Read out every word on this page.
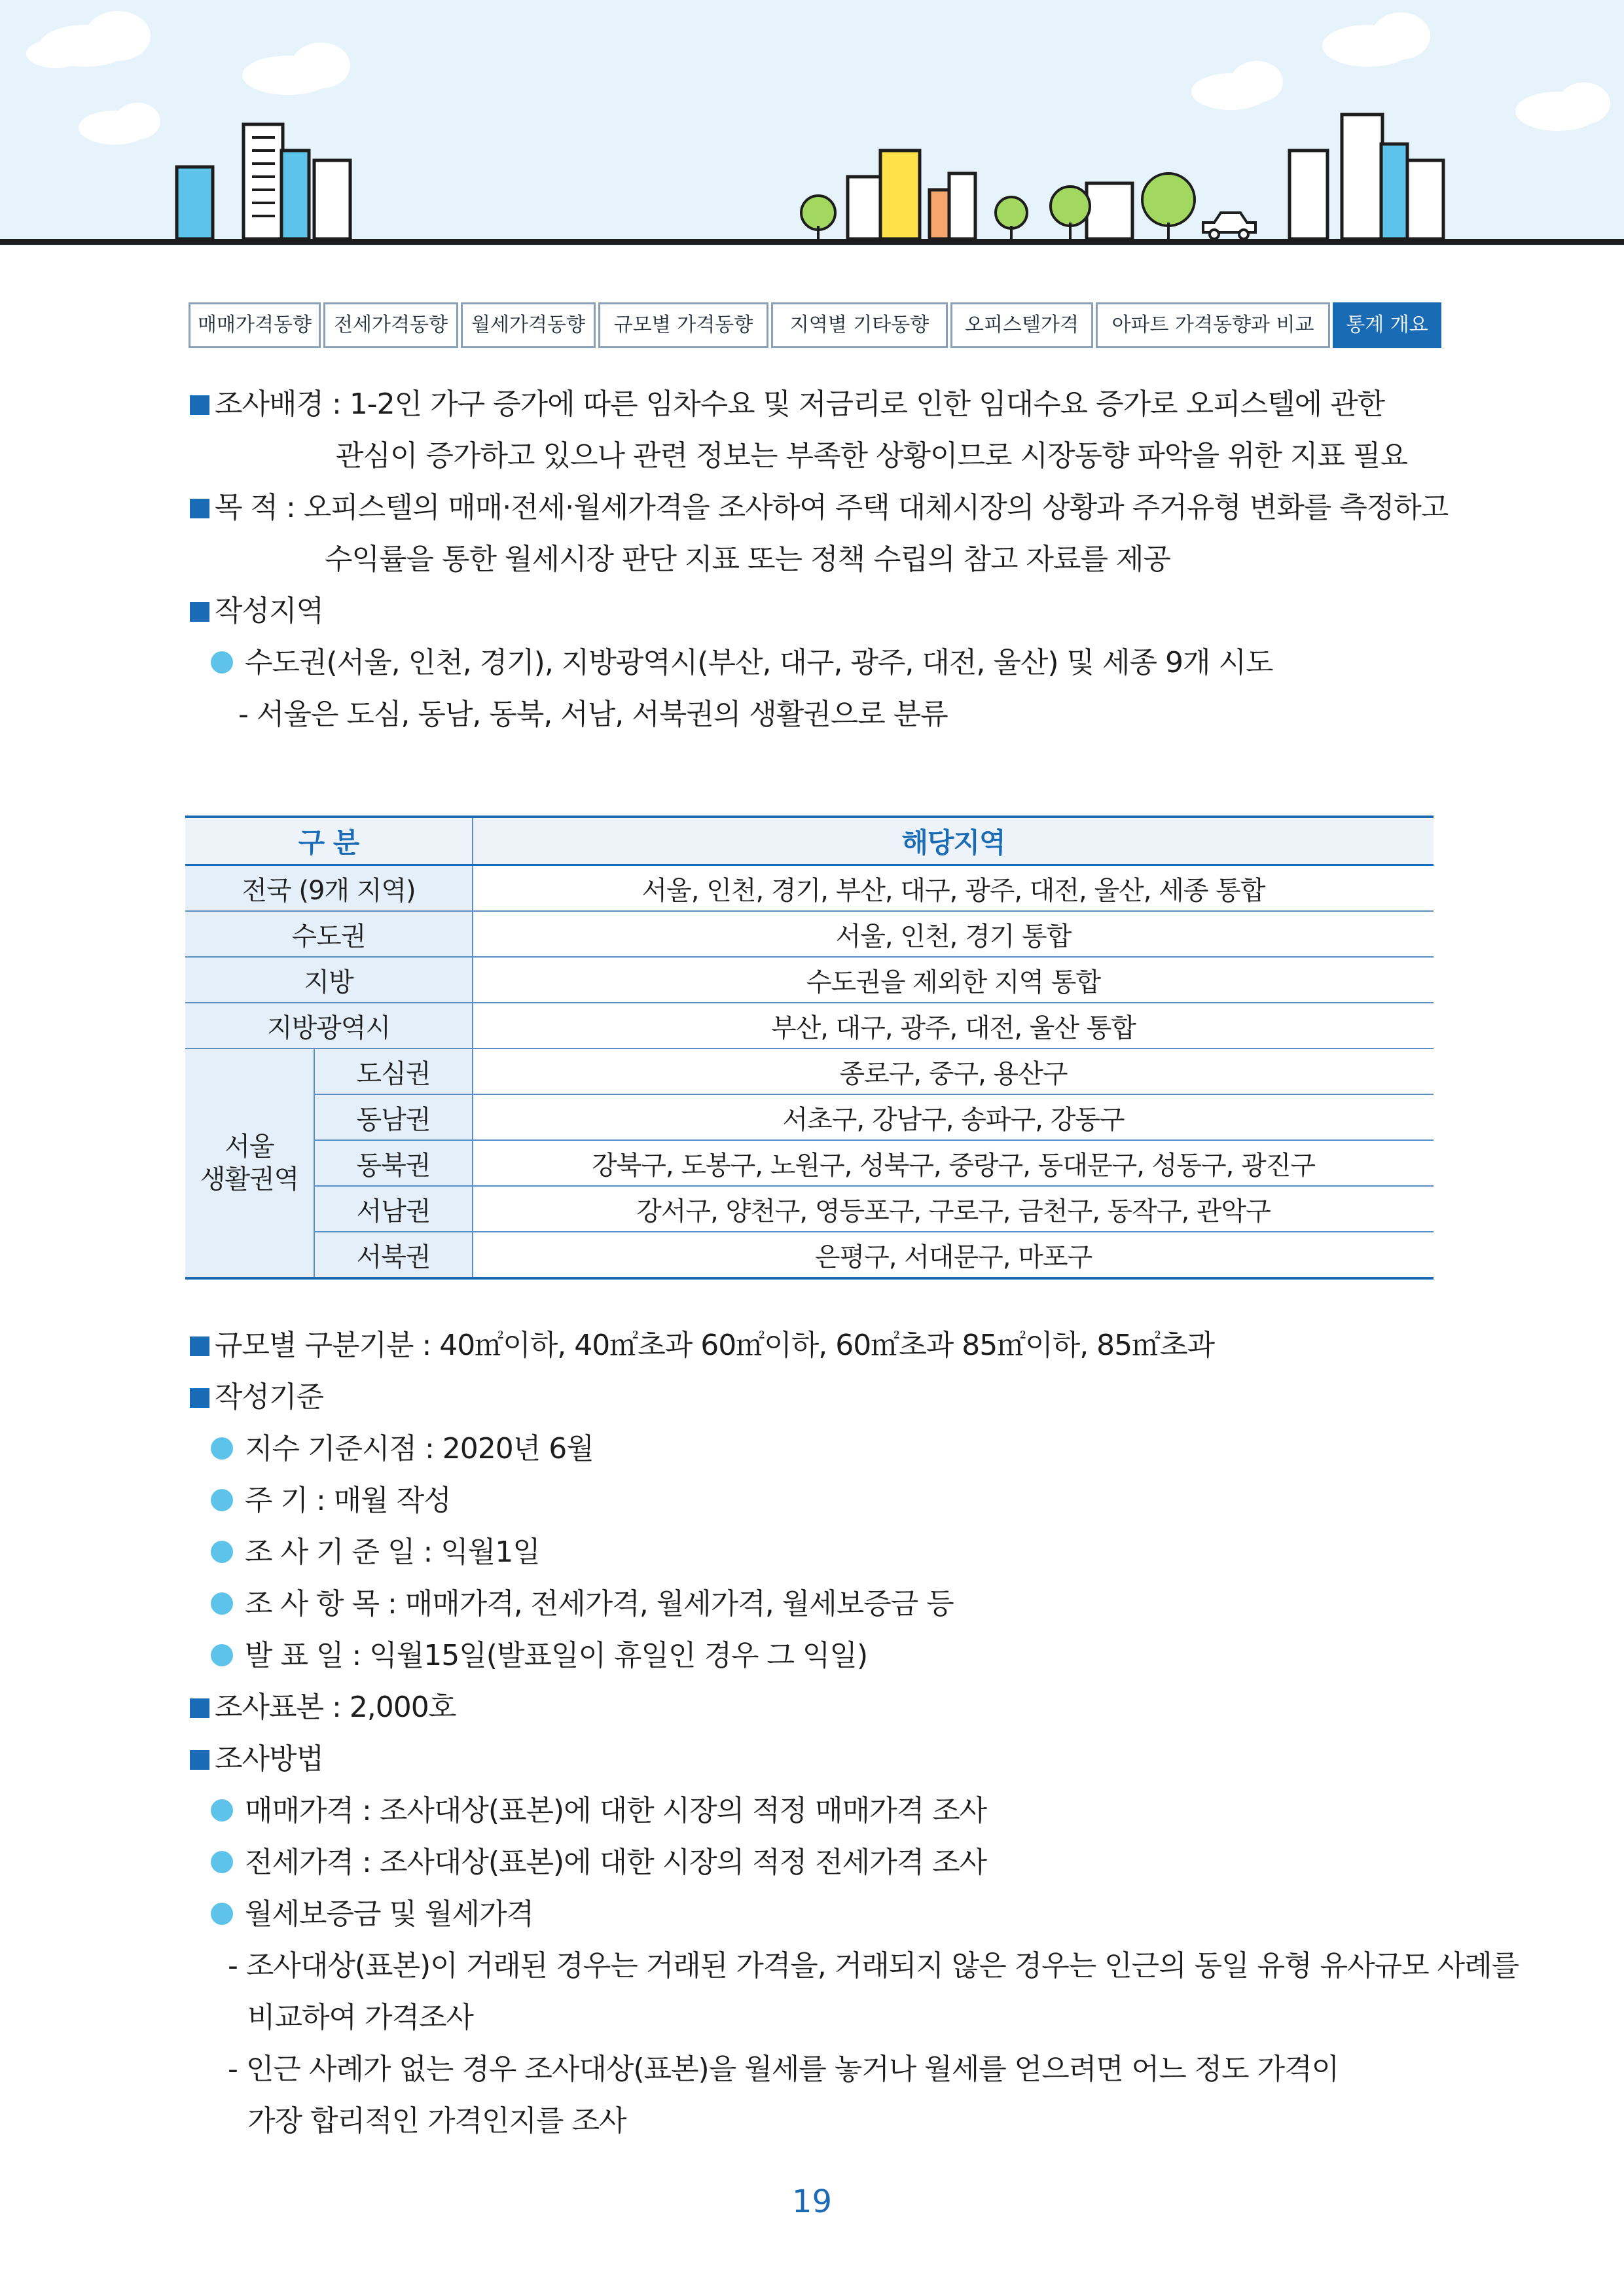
매매가격동향	전세가격동향	월세가격동향	규모별 가격동향	지역별 기타동향	오피스텔가격	아파트 가격동향과 비교	통계 개요
조사배경 : 1-2인 가구 증가에 따른 임차수요 및 저금리로 인한 임대수요 증가로 오피스텔에 관한
관심이 증가하고 있으나 관련 정보는 부족한 상황이므로 시장동향 파악을 위한 지표 필요
목 적 : 오피스텔의 매매·전세·월세가격을 조사하여 주택 대체시장의 상황과 주거유형 변화를 측정하고
수익률을 통한 월세시장 판단 지표 또는 정책 수립의 참고 자료를 제공
작성지역
수도권(서울, 인천, 경기), 지방광역시(부산, 대구, 광주, 대전, 울산) 및 세종 9개 시도
- 서울은 도심, 동남, 동북, 서남, 서북권의 생활권으로 분류
구 분		해당지역
전국 (9개 지역)		서울, 인천, 경기, 부산, 대구, 광주, 대전, 울산, 세종 통합
수도권		서울, 인천, 경기 통합
지방		수도권을 제외한 지역 통합
지방광역시		부산, 대구, 광주, 대전, 울산 통합
서울
생활권역	도심권	종로구, 중구, 용산구
	동남권	서초구, 강남구, 송파구, 강동구
	동북권	강북구, 도봉구, 노원구, 성북구, 중랑구, 동대문구, 성동구, 광진구
	서남권	강서구, 양천구, 영등포구, 구로구, 금천구, 동작구, 관악구
	서북권	은평구, 서대문구, 마포구
규모별 구분기분 : 40㎡이하, 40㎡초과 60㎡이하, 60㎡초과 85㎡이하, 85㎡초과
작성기준
지수 기준시점 : 2020년 6월
주 기 : 매월 작성
조 사 기 준 일 : 익월1일
조 사 항 목 : 매매가격, 전세가격, 월세가격, 월세보증금 등
발 표 일 : 익월15일(발표일이 휴일인 경우 그 익일)
조사표본 : 2,000호
조사방법
매매가격 : 조사대상(표본)에 대한 시장의 적정 매매가격 조사
전세가격 : 조사대상(표본)에 대한 시장의 적정 전세가격 조사
월세보증금 및 월세가격
- 조사대상(표본)이 거래된 경우는 거래된 가격을, 거래되지 않은 경우는 인근의 동일 유형 유사규모 사례를
비교하여 가격조사
- 인근 사례가 없는 경우 조사대상(표본)을 월세를 놓거나 월세를 얻으려면 어느 정도 가격이
가장 합리적인 가격인지를 조사
19
